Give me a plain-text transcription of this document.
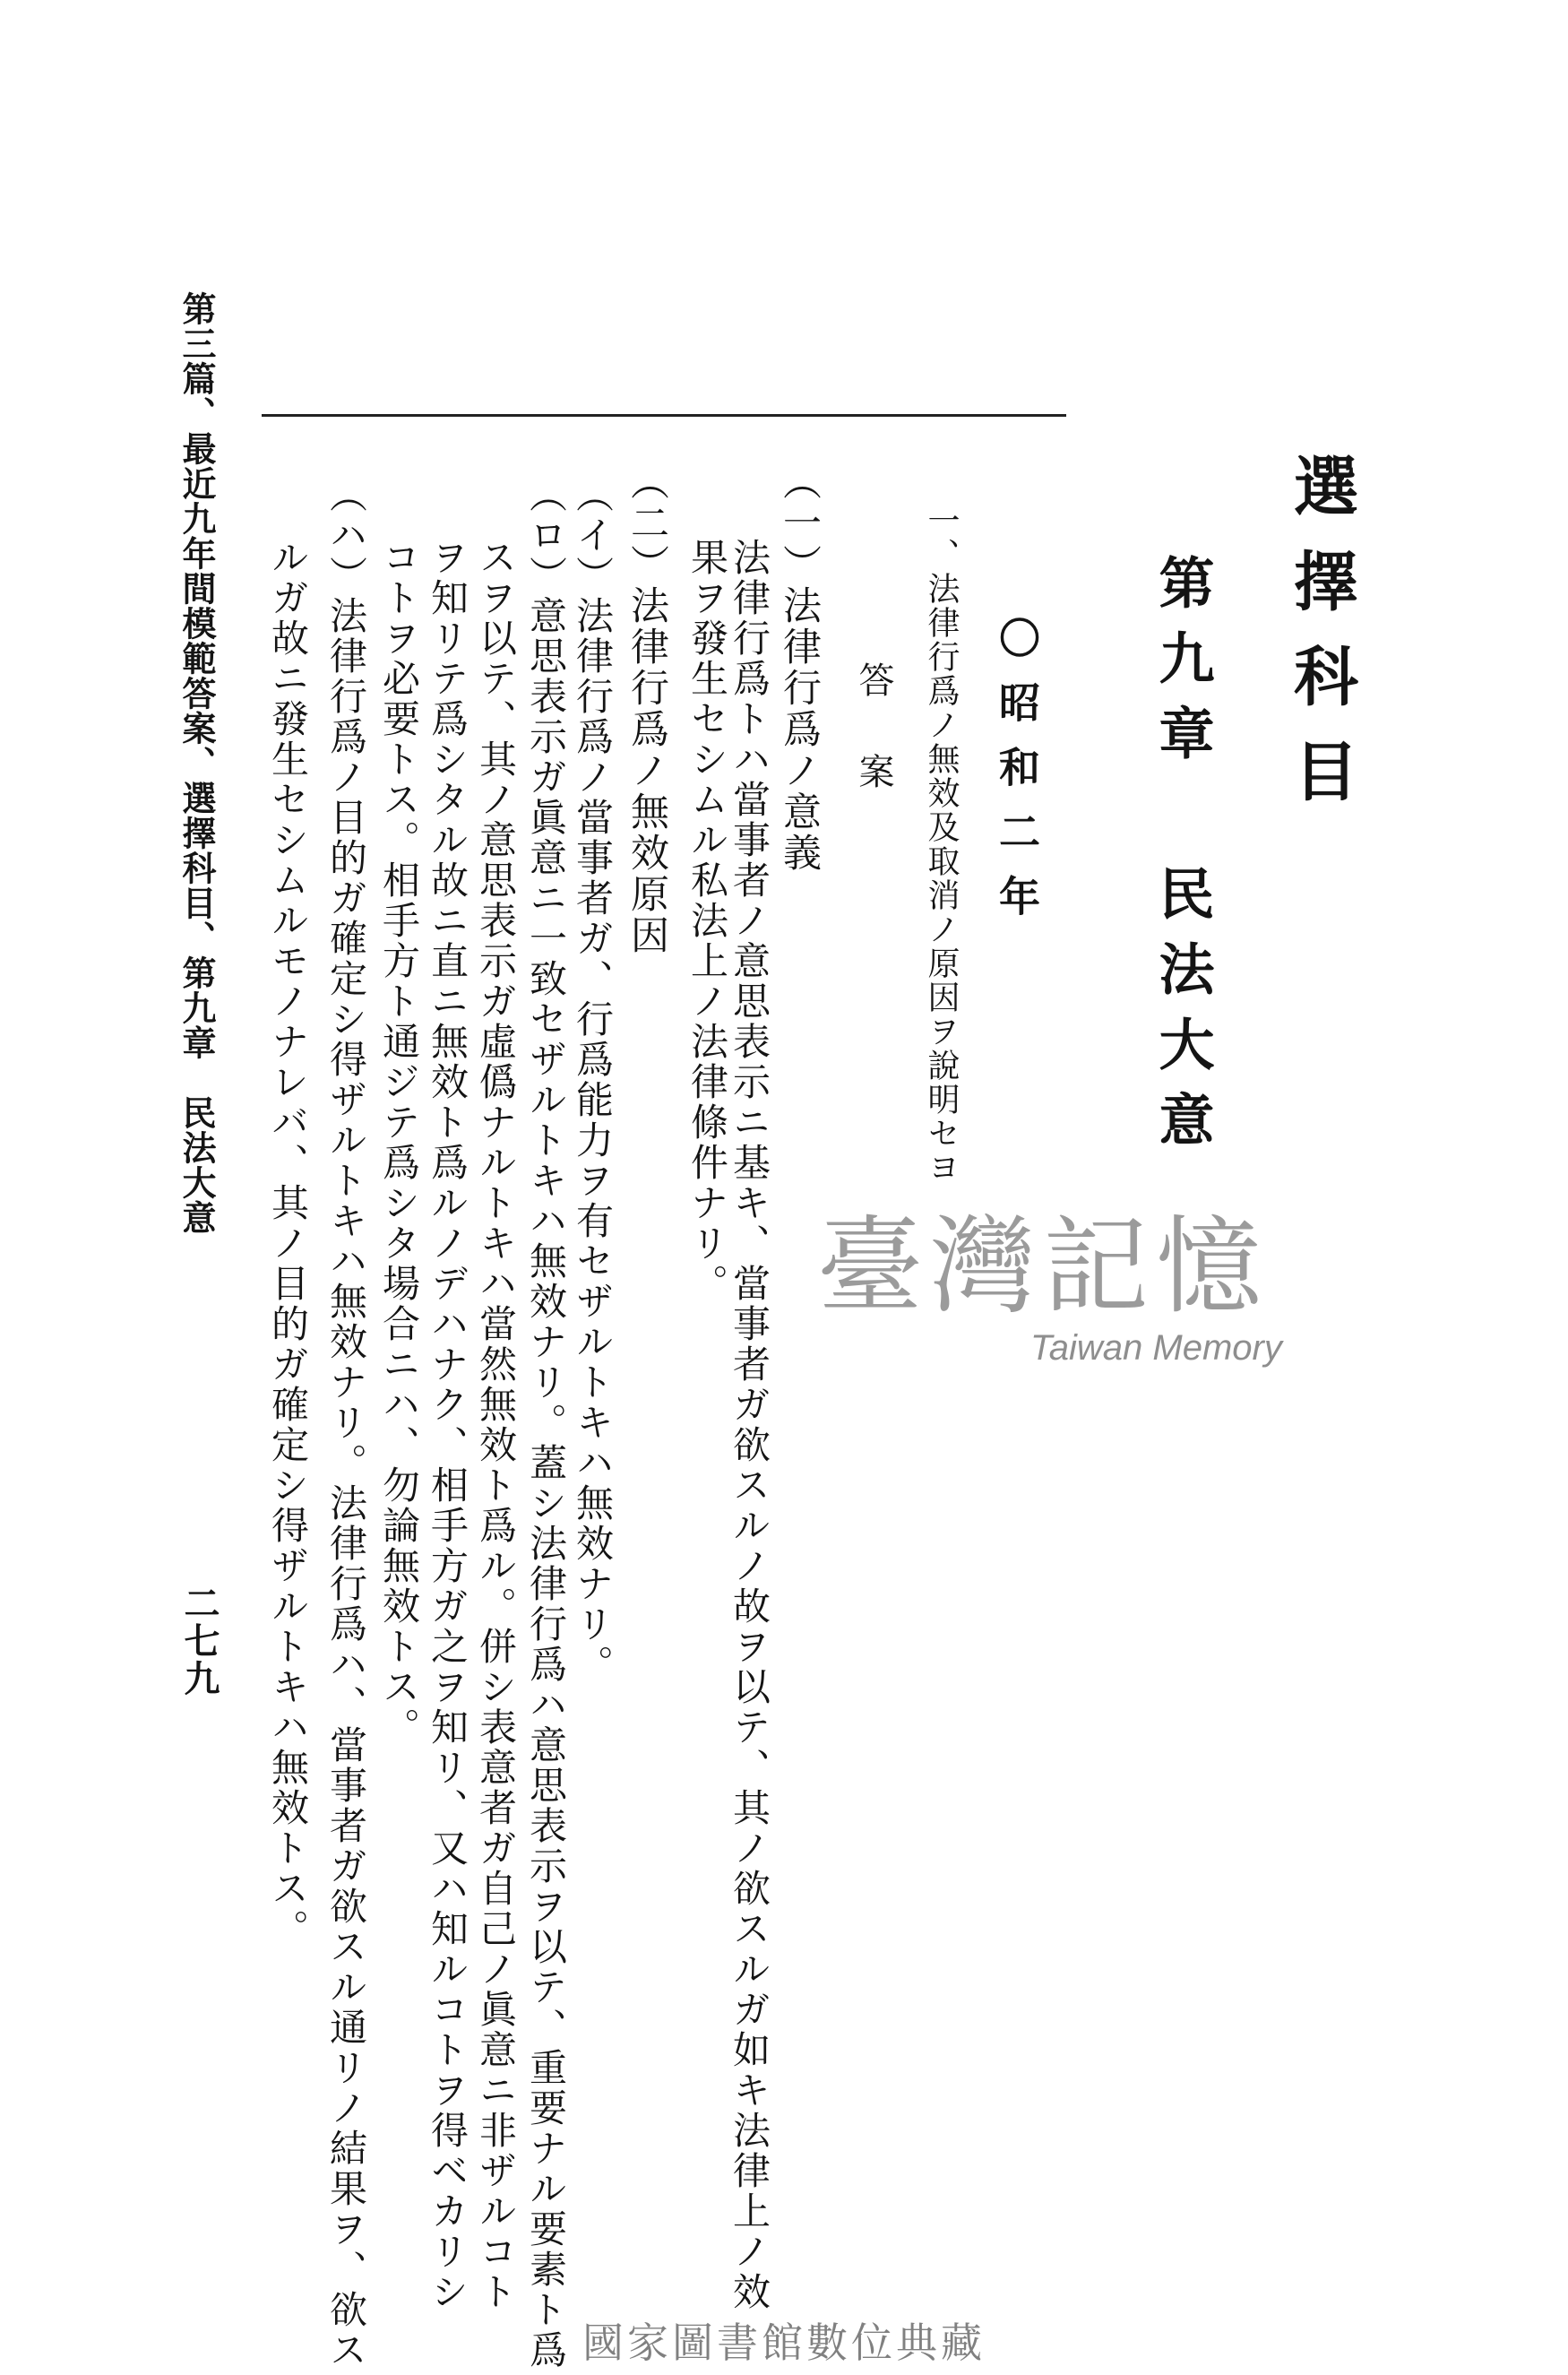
選擇科目
第九章 民法大意
〇昭和二年
一、法律行爲ノ無效及取消ノ原因ヲ說明セヨ
答案
（一）法律行爲ノ意義
法律行爲トハ當事者ノ意思表示ニ基キ、當事者ガ欲スルノ故ヲ以テ、其ノ欲スルガ如キ法律上ノ效
果ヲ發生セシムル私法上ノ法律條件ナリ。
（二）法律行爲ノ無效原因
（イ）法律行爲ノ當事者ガ、行爲能力ヲ有セザルトキハ無效ナリ。
（ロ）意思表示ガ眞意ニ一致セザルトキハ無效ナリ。蓋シ法律行爲ハ意思表示ヲ以テ、重要ナル要素ト爲
スヲ以テ、其ノ意思表示ガ虛僞ナルトキハ當然無效ト爲ル。併シ表意者ガ自己ノ眞意ニ非ザルコト
ヲ知リテ爲シタル故ニ直ニ無效ト爲ルノデハナク、相手方ガ之ヲ知リ、又ハ知ルコトヲ得ベカリシ
コトヲ必要トス。相手方ト通ジテ爲シタ場合ニハ、勿論無效トス。
（ハ）法律行爲ノ目的ガ確定シ得ザルトキハ無效ナリ。法律行爲ハ、當事者ガ欲スル通リノ結果ヲ、欲ス
ルガ故ニ發生セシムルモノナレバ、其ノ目的ガ確定シ得ザルトキハ無效トス。
第三篇、最近九年間模範答案、選擇科目、第九章　民法大意
二七九
臺灣記憶
Taiwan Memory
國家圖書館數位典藏
